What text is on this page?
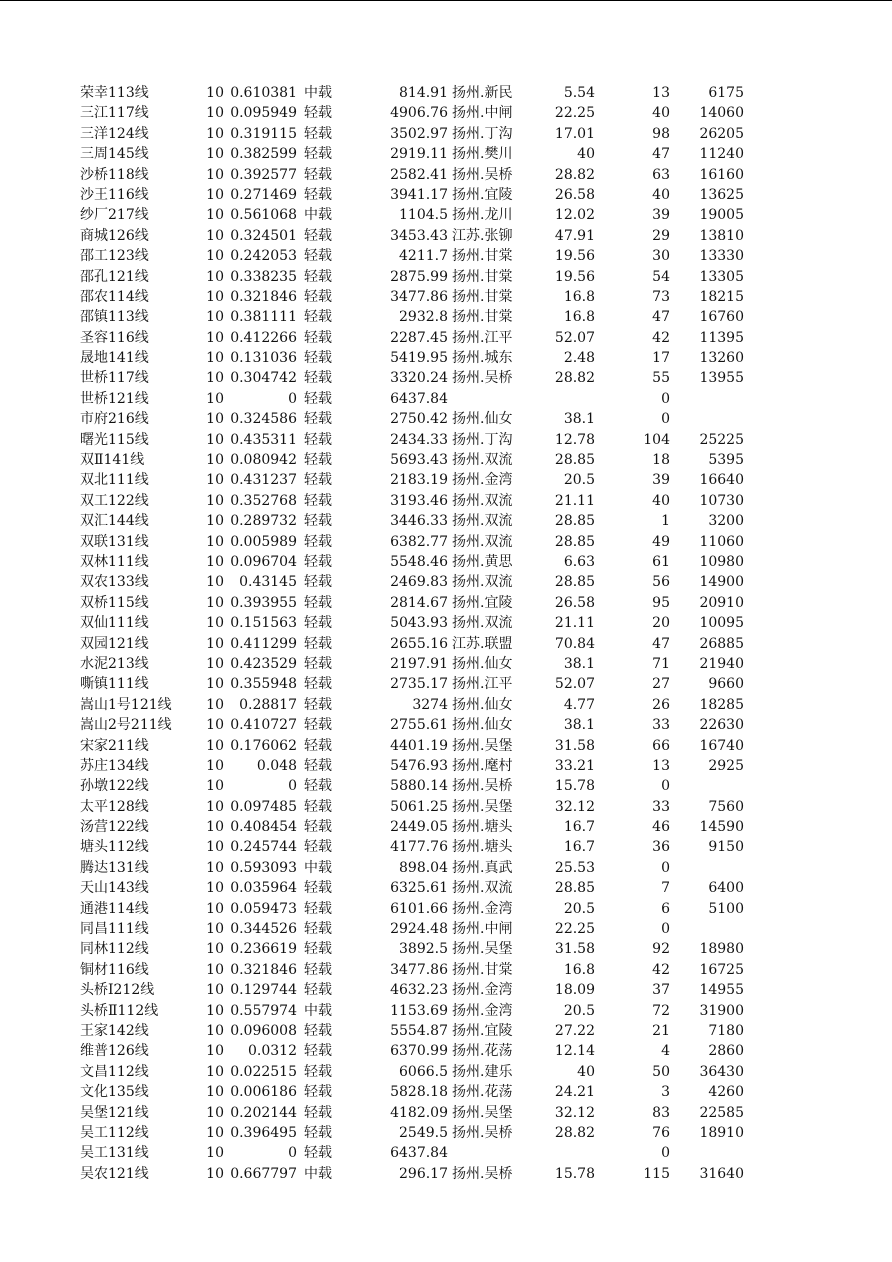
荣幸113线	10 0.610381 中载	814.91 扬州.新民	5.54	13	6175
三江117线	10 0.095949 轻载	4906.76 扬州.中闸	22.25	40	14060
三洋124线	10 0.319115 轻载	3502.97 扬州.丁沟	17.01	98	26205
三周145线	10 0.382599 轻载	2919.11 扬州.樊川	40	47	11240
沙桥118线	10 0.392577 轻载	2582.41 扬州.吴桥	28.82	63	16160
沙王116线	10 0.271469 轻载	3941.17 扬州.宜陵	26.58	40	13625
纱厂217线	10 0.561068 中载	1104.5 扬州.龙川	12.02	39	19005
商城126线	10 0.324501 轻载	3453.43 江苏.张铆	47.91	29	13810
邵工123线	10 0.242053 轻载	4211.7 扬州.甘棠	19.56	30	13330
邵孔121线	10 0.338235 轻载	2875.99 扬州.甘棠	19.56	54	13305
邵农114线	10 0.321846 轻载	3477.86 扬州.甘棠	16.8	73	18215
邵镇113线	10 0.381111 轻载	2932.8 扬州.甘棠	16.8	47	16760
圣容116线	10 0.412266 轻载	2287.45 扬州.江平	52.07	42	11395
晟地141线	10 0.131036 轻载	5419.95 扬州.城东	2.48	17	13260
世桥117线	10 0.304742 轻载	3320.24 扬州.吴桥	28.82	55	13955
世桥121线	10	0 轻载	6437.84	0
市府216线	10 0.324586 轻载	2750.42 扬州.仙女	38.1	0
曙光115线	10 0.435311 轻载	2434.33 扬州.丁沟	12.78	104	25225
双Ⅱ141线	10 0.080942 轻载	5693.43 扬州.双流	28.85	18	5395
双北111线	10 0.431237 轻载	2183.19 扬州.金湾	20.5	39	16640
双工122线	10 0.352768 轻载	3193.46 扬州.双流	21.11	40	10730
双汇144线	10 0.289732 轻载	3446.33 扬州.双流	28.85	1	3200
双联131线	10 0.005989 轻载	6382.77 扬州.双流	28.85	49	11060
双林111线	10 0.096704 轻载	5548.46 扬州.黄思	6.63	61	10980
双农133线	10	0.43145 轻载	2469.83 扬州.双流	28.85	56	14900
双桥115线	10 0.393955 轻载	2814.67 扬州.宜陵	26.58	95	20910
双仙111线	10 0.151563 轻载	5043.93 扬州.双流	21.11	20	10095
双园121线	10 0.411299 轻载	2655.16 江苏.联盟	70.84	47	26885
水泥213线	10 0.423529 轻载	2197.91 扬州.仙女	38.1	71	21940
嘶镇111线	10 0.355948 轻载	2735.17 扬州.江平	52.07	27	9660
嵩山1号121线	10	0.28817 轻载	3274 扬州.仙女	4.77	26	18285
嵩山2号211线	10 0.410727 轻载	2755.61 扬州.仙女	38.1	33	22630
宋家211线	10 0.176062 轻载	4401.19 扬州.吴堡	31.58	66	16740
苏庄134线	10	0.048 轻载	5476.93 扬州.麾村	33.21	13	2925
孙墩122线	10	0 轻载	5880.14 扬州.吴桥	15.78	0
太平128线	10 0.097485 轻载	5061.25 扬州.吴堡	32.12	33	7560
汤营122线	10 0.408454 轻载	2449.05 扬州.塘头	16.7	46	14590
塘头112线	10 0.245744 轻载	4177.76 扬州.塘头	16.7	36	9150
腾达131线	10 0.593093 中载	898.04 扬州.真武	25.53	0
天山143线	10 0.035964 轻载	6325.61 扬州.双流	28.85	7	6400
通港114线	10 0.059473 轻载	6101.66 扬州.金湾	20.5	6	5100
同昌111线	10 0.344526 轻载	2924.48 扬州.中闸	22.25	0
同林112线	10 0.236619 轻载	3892.5 扬州.吴堡	31.58	92	18980
铜材116线	10 0.321846 轻载	3477.86 扬州.甘棠	16.8	42	16725
头桥Ⅰ212线	10 0.129744 轻载	4632.23 扬州.金湾	18.09	37	14955
头桥Ⅱ112线	10 0.557974 中载	1153.69 扬州.金湾	20.5	72	31900
王家142线	10 0.096008 轻载	5554.87 扬州.宜陵	27.22	21	7180
维普126线	10	0.0312 轻载	6370.99 扬州.花荡	12.14	4	2860
文昌112线	10 0.022515 轻载	6066.5 扬州.建乐	40	50	36430
文化135线	10 0.006186 轻载	5828.18 扬州.花荡	24.21	3	4260
吴堡121线	10 0.202144 轻载	4182.09 扬州.吴堡	32.12	83	22585
吴工112线	10 0.396495 轻载	2549.5 扬州.吴桥	28.82	76	18910
吴工131线	10	0 轻载	6437.84	0
吴农121线	10 0.667797 中载	296.17 扬州.吴桥	15.78	115	31640
